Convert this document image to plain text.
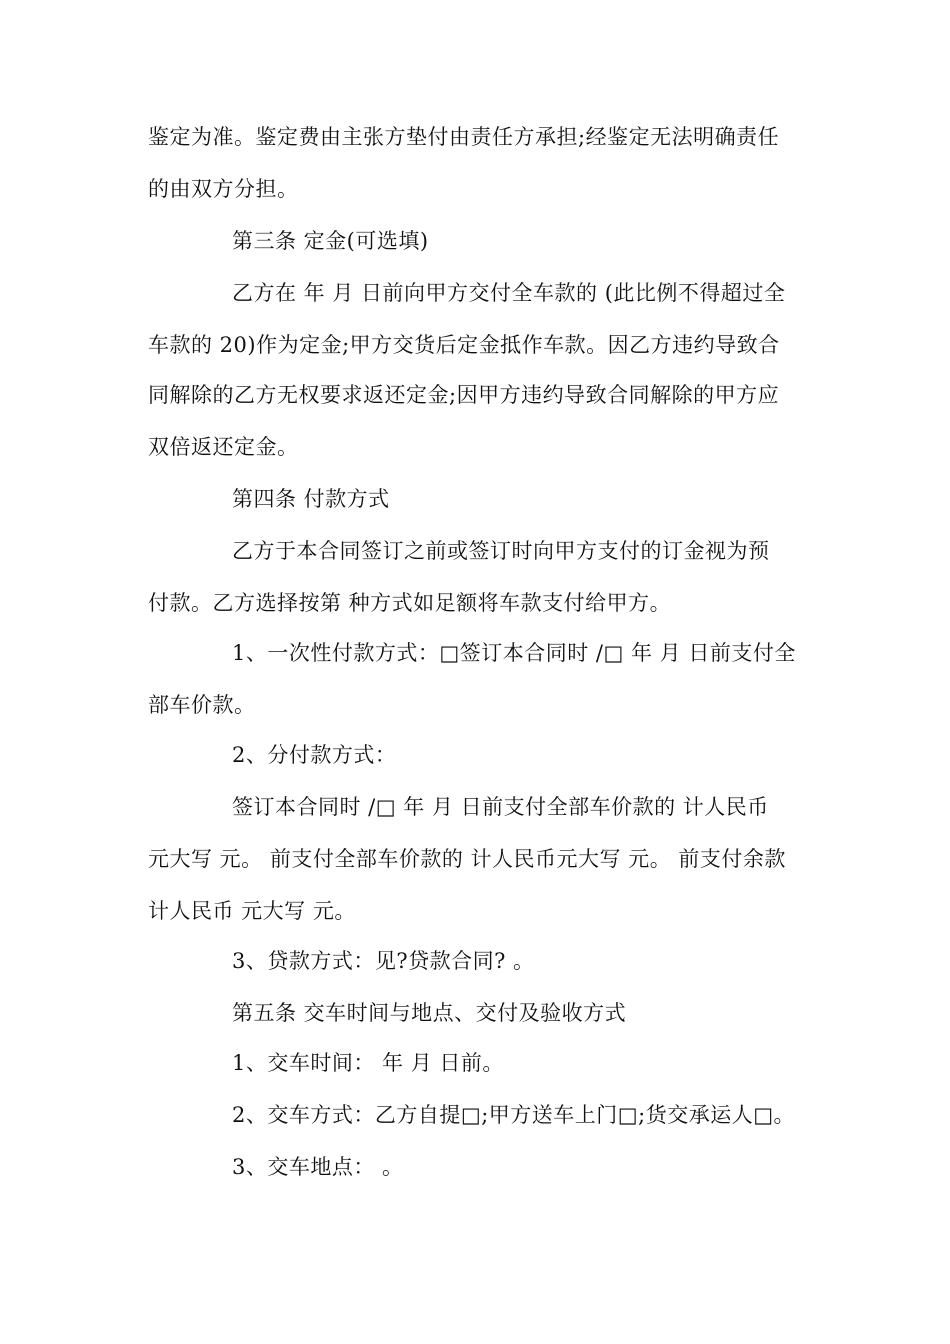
鉴定为准。鉴定费由主张方垫付由责任方承担;经鉴定无法明确责任
的由双方分担。
第三条 定金(可选填)
乙方在 年 月 日前向甲方交付全车款的 (此比例不得超过全
车款的 20)作为定金;甲方交货后定金抵作车款。因乙方违约导致合
同解除的乙方无权要求返还定金;因甲方违约导致合同解除的甲方应
双倍返还定金。
第四条 付款方式
乙方于本合同签订之前或签订时向甲方支付的订金视为预
付款。乙方选择按第 种方式如足额将车款支付给甲方。
1、一次性付款方式：□签订本合同时 /□ 年 月 日前支付全
部车价款。
2、分付款方式：
签订本合同时 /□ 年 月 日前支付全部车价款的 计人民币
元大写 元。 前支付全部车价款的 计人民币元大写 元。 前支付余款
计人民币 元大写 元。
3、贷款方式：见?贷款合同? 。
第五条 交车时间与地点、交付及验收方式
1、交车时间： 年 月 日前。
2、交车方式：乙方自提□;甲方送车上门□;货交承运人□。
3、交车地点： 。
